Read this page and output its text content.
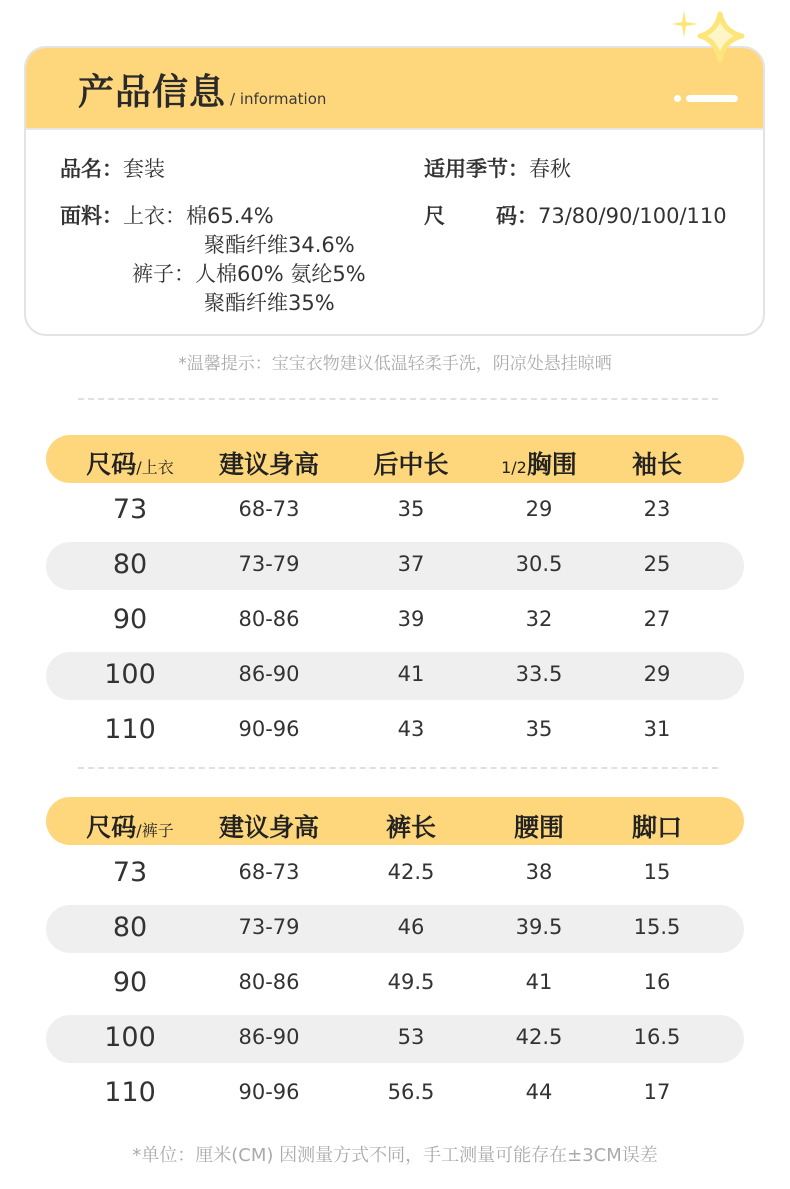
产品信息 / information
品名：套装	适用季节：春秋
面料：上衣：棉65.4%
聚酯纤维34.6%
裤子：人棉60% 氨纶5%
聚酯纤维35%
尺 码：73/80/90/100/110
*温馨提示：宝宝衣物建议低温轻柔手洗，阴凉处悬挂晾晒
尺码/上衣	建议身高	后中长	1/2胸围	袖长
73	68-73	35	29	23
80	73-79	37	30.5	25
90	80-86	39	32	27
100	86-90	41	33.5	29
110	90-96	43	35	31
尺码/裤子	建议身高	裤长	腰围	脚口
73	68-73	42.5	38	15
80	73-79	46	39.5	15.5
90	80-86	49.5	41	16
100	86-90	53	42.5	16.5
110	90-96	56.5	44	17
*单位：厘米(CM) 因测量方式不同，手工测量可能存在±3CM误差
